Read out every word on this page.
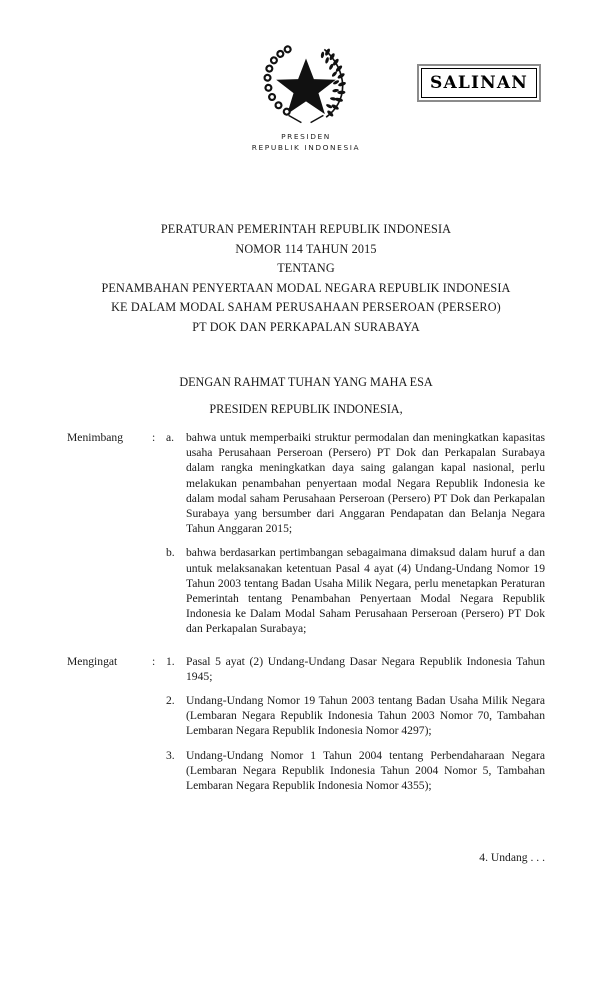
PRESIDEN
REPUBLIK INDONESIA
SALINAN
PERATURAN PEMERINTAH REPUBLIK INDONESIA
NOMOR 114 TAHUN 2015
TENTANG
PENAMBAHAN PENYERTAAN MODAL NEGARA REPUBLIK INDONESIA
KE DALAM MODAL SAHAM PERUSAHAAN PERSEROAN (PERSERO)
PT DOK DAN PERKAPALAN SURABAYA
DENGAN RAHMAT TUHAN YANG MAHA ESA
PRESIDEN REPUBLIK INDONESIA,
Menimbang	: a.	bahwa untuk memperbaiki struktur permodalan dan meningkatkan kapasitas usaha Perusahaan Perseroan (Persero) PT Dok dan Perkapalan Surabaya dalam rangka meningkatkan daya saing galangan kapal nasional, perlu melakukan penambahan penyertaan modal Negara Republik Indonesia ke dalam modal saham Perusahaan Perseroan (Persero) PT Dok dan Perkapalan Surabaya yang bersumber dari Anggaran Pendapatan dan Belanja Negara Tahun Anggaran 2015;
b. bahwa berdasarkan pertimbangan sebagaimana dimaksud dalam huruf a dan untuk melaksanakan ketentuan Pasal 4 ayat (4) Undang-Undang Nomor 19 Tahun 2003 tentang Badan Usaha Milik Negara, perlu menetapkan Peraturan Pemerintah tentang Penambahan Penyertaan Modal Negara Republik Indonesia ke Dalam Modal Saham Perusahaan Perseroan (Persero) PT Dok dan Perkapalan Surabaya;
Mengingat	: 1. Pasal 5 ayat (2) Undang-Undang Dasar Negara Republik Indonesia Tahun 1945;
2. Undang-Undang Nomor 19 Tahun 2003 tentang Badan Usaha Milik Negara (Lembaran Negara Republik Indonesia Tahun 2003 Nomor 70, Tambahan Lembaran Negara Republik Indonesia Nomor 4297);
3. Undang-Undang Nomor 1 Tahun 2004 tentang Perbendaharaan Negara (Lembaran Negara Republik Indonesia Tahun 2004 Nomor 5, Tambahan Lembaran Negara Republik Indonesia Nomor 4355);
4. Undang . . .
